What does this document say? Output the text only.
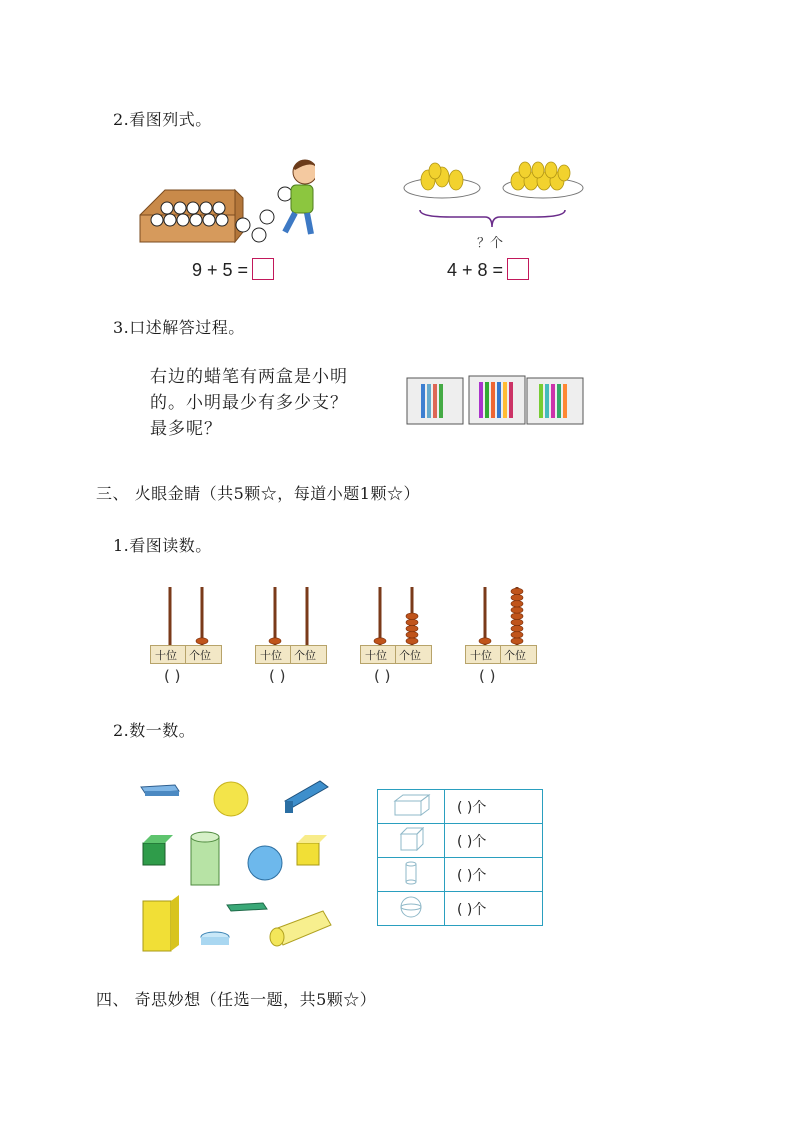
2.看图列式。
9 + 5 =
？个
4 + 8 =
3.口述解答过程。
右边的蜡笔有两盒是小明
的。小明最少有多少支？
最多呢？
三、 火眼金睛（共5颗☆，每道小题1颗☆）
1.看图读数。
十位 个位
( )
十位 个位
( )
十位 个位
( )
十位 个位
( )
2.数一数。
	( )个
	( )个
	( )个
	( )个
四、 奇思妙想（任选一题，共5颗☆）
